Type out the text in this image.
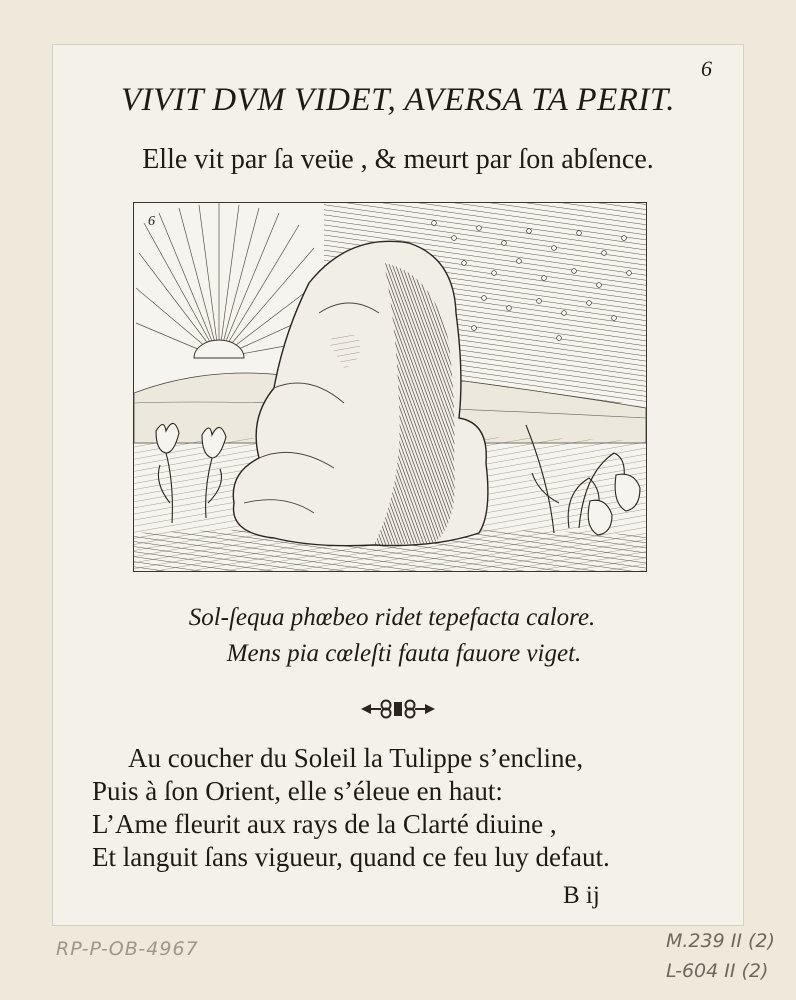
6
VIVIT DVM VIDET, AVERSA TA PERIT.
Elle vit par ſa veüe , & meurt par ſon abſence.
6
Sol-ſequa phœbeo ridet tepefacta calore.
Mens pia cœleſti fauta fauore viget.
Au coucher du Soleil la Tulippe s’encline,
Puis à ſon Orient, elle s’éleue en haut:
L’Ame fleurit aux rays de la Clarté diuine ,
Et languit ſans vigueur, quand ce feu luy defaut.
B ij
RP-P-OB-4967	M.239 II (2)
L-604 II (2)
